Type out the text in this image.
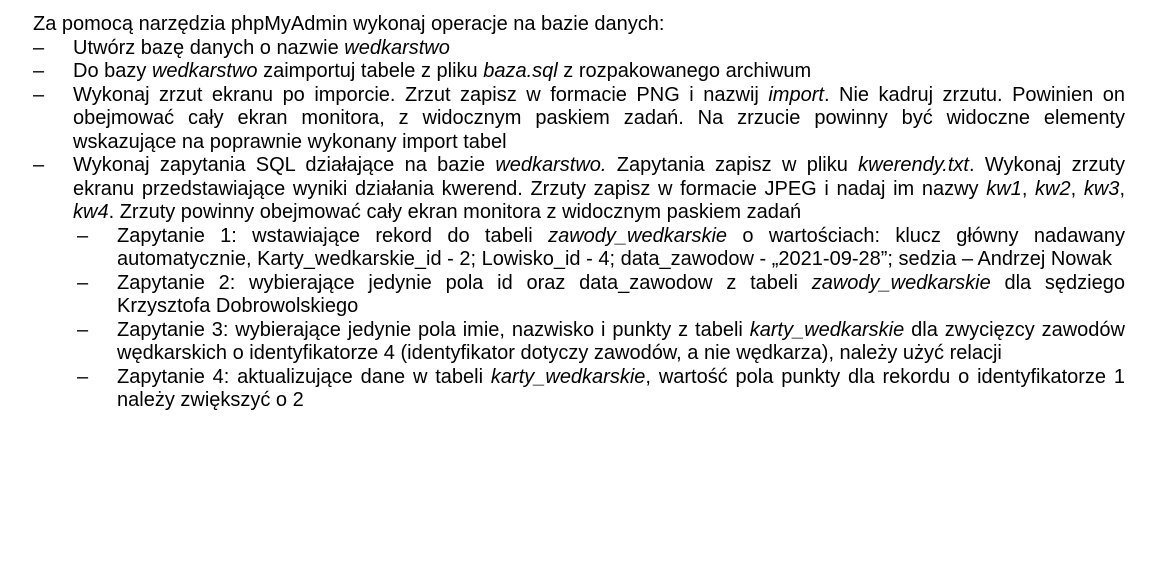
Za pomocą narzędzia phpMyAdmin wykonaj operacje na bazie danych:

– Utwórz bazę danych o nazwie wedkarstwo
– Do bazy wedkarstwo zaimportuj tabele z pliku baza.sql z rozpakowanego archiwum
– Wykonaj zrzut ekranu po imporcie. Zrzut zapisz w formacie PNG i nazwij import. Nie kadruj zrzutu. Powinien on obejmować cały ekran monitora, z widocznym paskiem zadań. Na zrzucie powinny być widoczne elementy wskazujące na poprawnie wykonany import tabel
– Wykonaj zapytania SQL działające na bazie wedkarstwo. Zapytania zapisz w pliku kwerendy.txt. Wykonaj zrzuty ekranu przedstawiające wyniki działania kwerend. Zrzuty zapisz w formacie JPEG i nadaj im nazwy kw1, kw2, kw3, kw4. Zrzuty powinny obejmować cały ekran monitora z widocznym paskiem zadań
– Zapytanie 1: wstawiające rekord do tabeli zawody_wedkarskie o wartościach: klucz główny nadawany automatycznie, Karty_wedkarskie_id - 2; Lowisko_id - 4; data_zawodow - „2021-09-28”; sedzia – Andrzej Nowak
– Zapytanie 2: wybierające jedynie pola id oraz data_zawodow z tabeli zawody_wedkarskie dla sędziego Krzysztofa Dobrowolskiego
– Zapytanie 3: wybierające jedynie pola imie, nazwisko i punkty z tabeli karty_wedkarskie dla zwycięzcy zawodów wędkarskich o identyfikatorze 4 (identyfikator dotyczy zawodów, a nie wędkarza), należy użyć relacji
– Zapytanie 4: aktualizujące dane w tabeli karty_wedkarskie, wartość pola punkty dla rekordu o identyfikatorze 1 należy zwiększyć o 2
